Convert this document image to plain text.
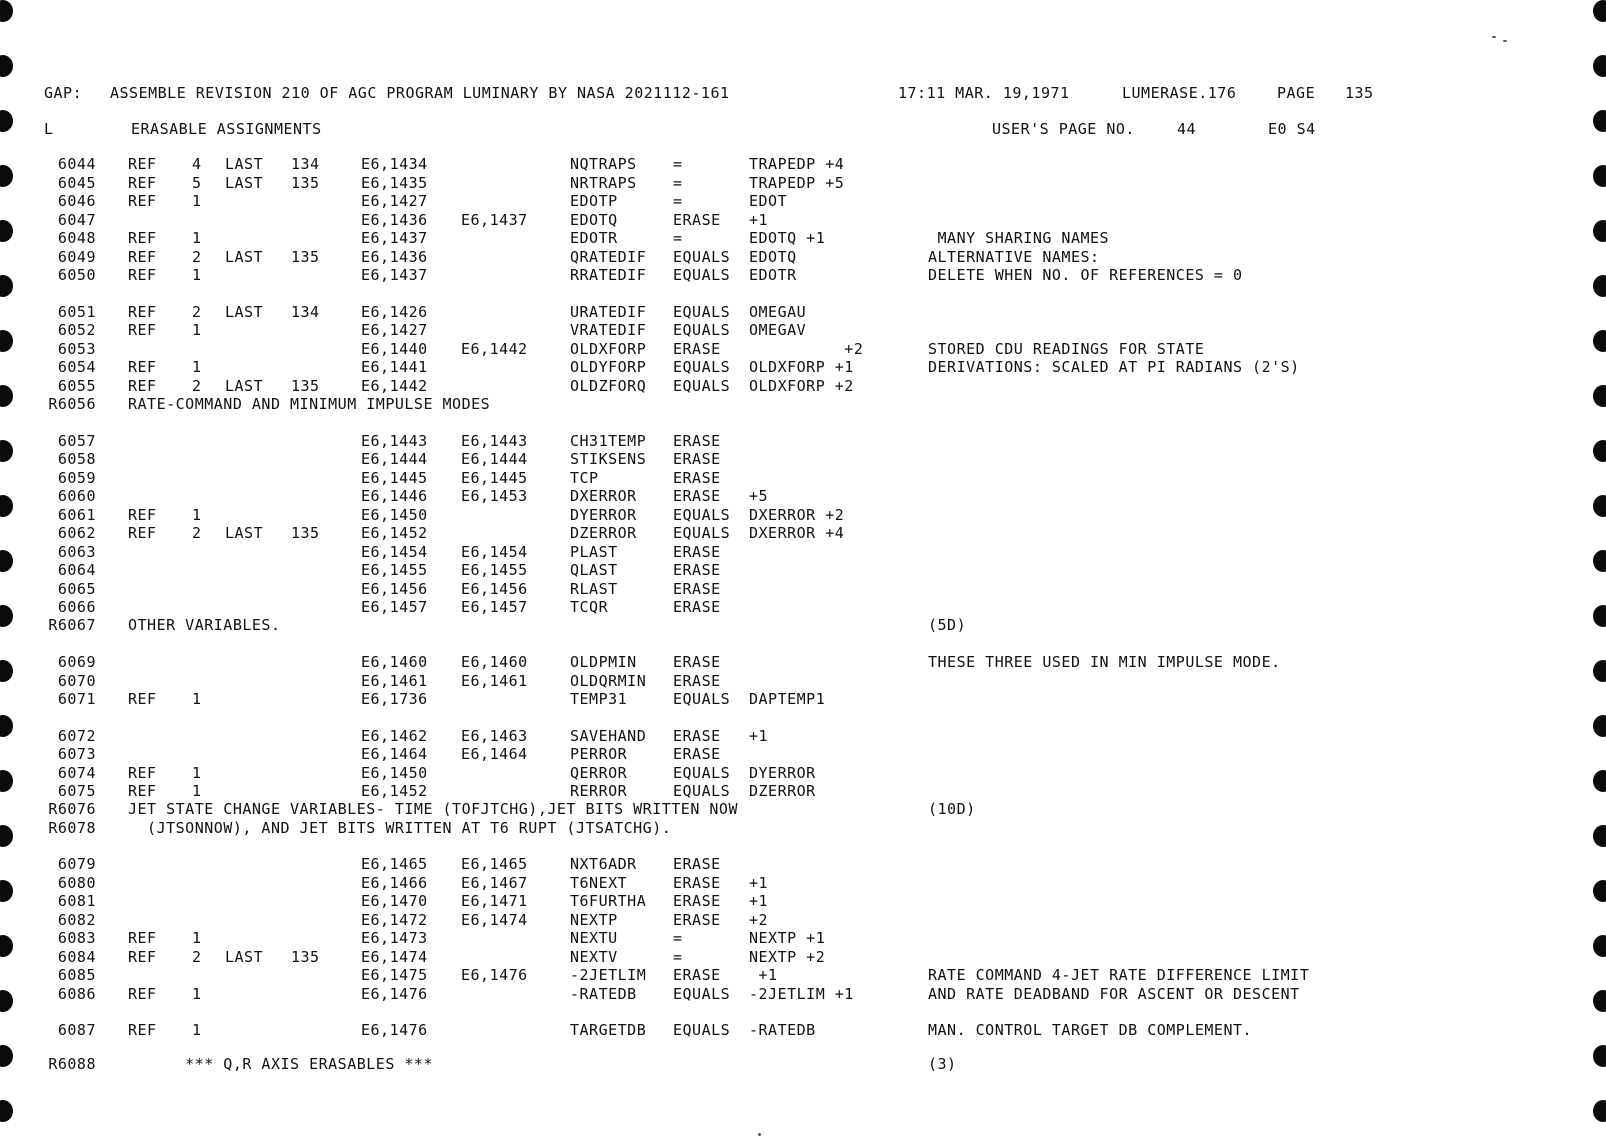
GAP:

ASSEMBLE REVISION 210 OF AGC PROGRAM LUMINARY BY NASA 2021112-161

	17:11 MAR. 19,1971

	LUMERASE.176

	PAGE

135

L

	ERASABLE ASSIGNMENTS

	USER'S PAGE NO.

	44

	E0 S4

6044 REF 4 LAST 134	E6,1434	NQTRAPS =	TRAPEDP +4
6045 REF 5 LAST 135	E6,1435	NRTRAPS =	TRAPEDP +5
6046 REF 1	E6,1427	EDOTP	=	EDOT
6047	E6,1436 E6,1437	EDOTQ	ERASE +1
6048 REF 1	E6,1437	EDOTR	=	EDOTQ +1	MANY SHARING NAMES
6049 REF 2 LAST 135	E6,1436	QRATEDIF EQUALS EDOTQ	ALTERNATIVE NAMES:
6050 REF 1	E6,1437	RRATEDIF EQUALS EDOTR	DELETE WHEN NO. OF REFERENCES = 0
6051 REF 2 LAST 134	E6,1426	URATEDIF EQUALS OMEGAU
6052 REF 1	E6,1427	VRATEDIF EQUALS OMEGAV
6053	E6,1440 E6,1442	OLDXFORP ERASE +2	STORED CDU READINGS FOR STATE
6054 REF 1	E6,1441	OLDYFORP EQUALS OLDXFORP +1	DERIVATIONS: SCALED AT PI RADIANS (2'S)
6055 REF 2 LAST 135	E6,1442	OLDZFORQ EQUALS OLDXFORP +2
R6056 RATE-COMMAND AND MINIMUM IMPULSE MODES
6057	E6,1443 E6,1443	CH31TEMP ERASE
6058	E6,1444 E6,1444	STIKSENS ERASE
6059	E6,1445 E6,1445	TCP	ERASE
6060	E6,1446 E6,1453	DXERROR ERASE +5
6061 REF 1	E6,1450	DYERROR EQUALS DXERROR +2
6062 REF 2 LAST 135	E6,1452	DZERROR EQUALS DXERROR +4
6063	E6,1454 E6,1454	PLAST	ERASE
6064	E6,1455 E6,1455	QLAST	ERASE
6065	E6,1456 E6,1456	RLAST	ERASE
6066	E6,1457 E6,1457	TCQR	ERASE
R6067 OTHER VARIABLES.	(5D)
6069	E6,1460 E6,1460	OLDPMIN ERASE	THESE THREE USED IN MIN IMPULSE MODE.
6070	E6,1461 E6,1461	OLDQRMIN ERASE
6071 REF 1	E6,1736	TEMP31	EQUALS DAPTEMP1
6072	E6,1462 E6,1463	SAVEHAND ERASE +1
6073	E6,1464 E6,1464	PERROR	ERASE
6074 REF 1	E6,1450	QERROR	EQUALS DYERROR
6075 REF 1	E6,1452	RERROR	EQUALS DZERROR
R6076 JET STATE CHANGE VARIABLES- TIME (TOFJTCHG),JET BITS WRITTEN NOW	(10D)
R6078 (JTSONNOW), AND JET BITS WRITTEN AT T6 RUPT (JTSATCHG).
6079	E6,1465 E6,1465	NXT6ADR ERASE
6080	E6,1466 E6,1467	T6NEXT	ERASE +1
6081	E6,1470 E6,1471	T6FURTHA ERASE +1
6082	E6,1472 E6,1474	NEXTP	ERASE +2
6083 REF 1	E6,1473	NEXTU	=	NEXTP +1
6084 REF 2 LAST 135	E6,1474	NEXTV	=	NEXTP +2
6085	E6,1475 E6,1476	-2JETLIM ERASE +1	RATE COMMAND 4-JET RATE DIFFERENCE LIMIT
6086 REF 1	E6,1476	-RATEDB EQUALS -2JETLIM +1	AND RATE DEADBAND FOR ASCENT OR DESCENT
6087 REF 1	E6,1476	TARGETDB EQUALS -RATEDB	MAN. CONTROL TARGET DB COMPLEMENT.
R6088 *** Q,R AXIS ERASABLES ***	(3)
